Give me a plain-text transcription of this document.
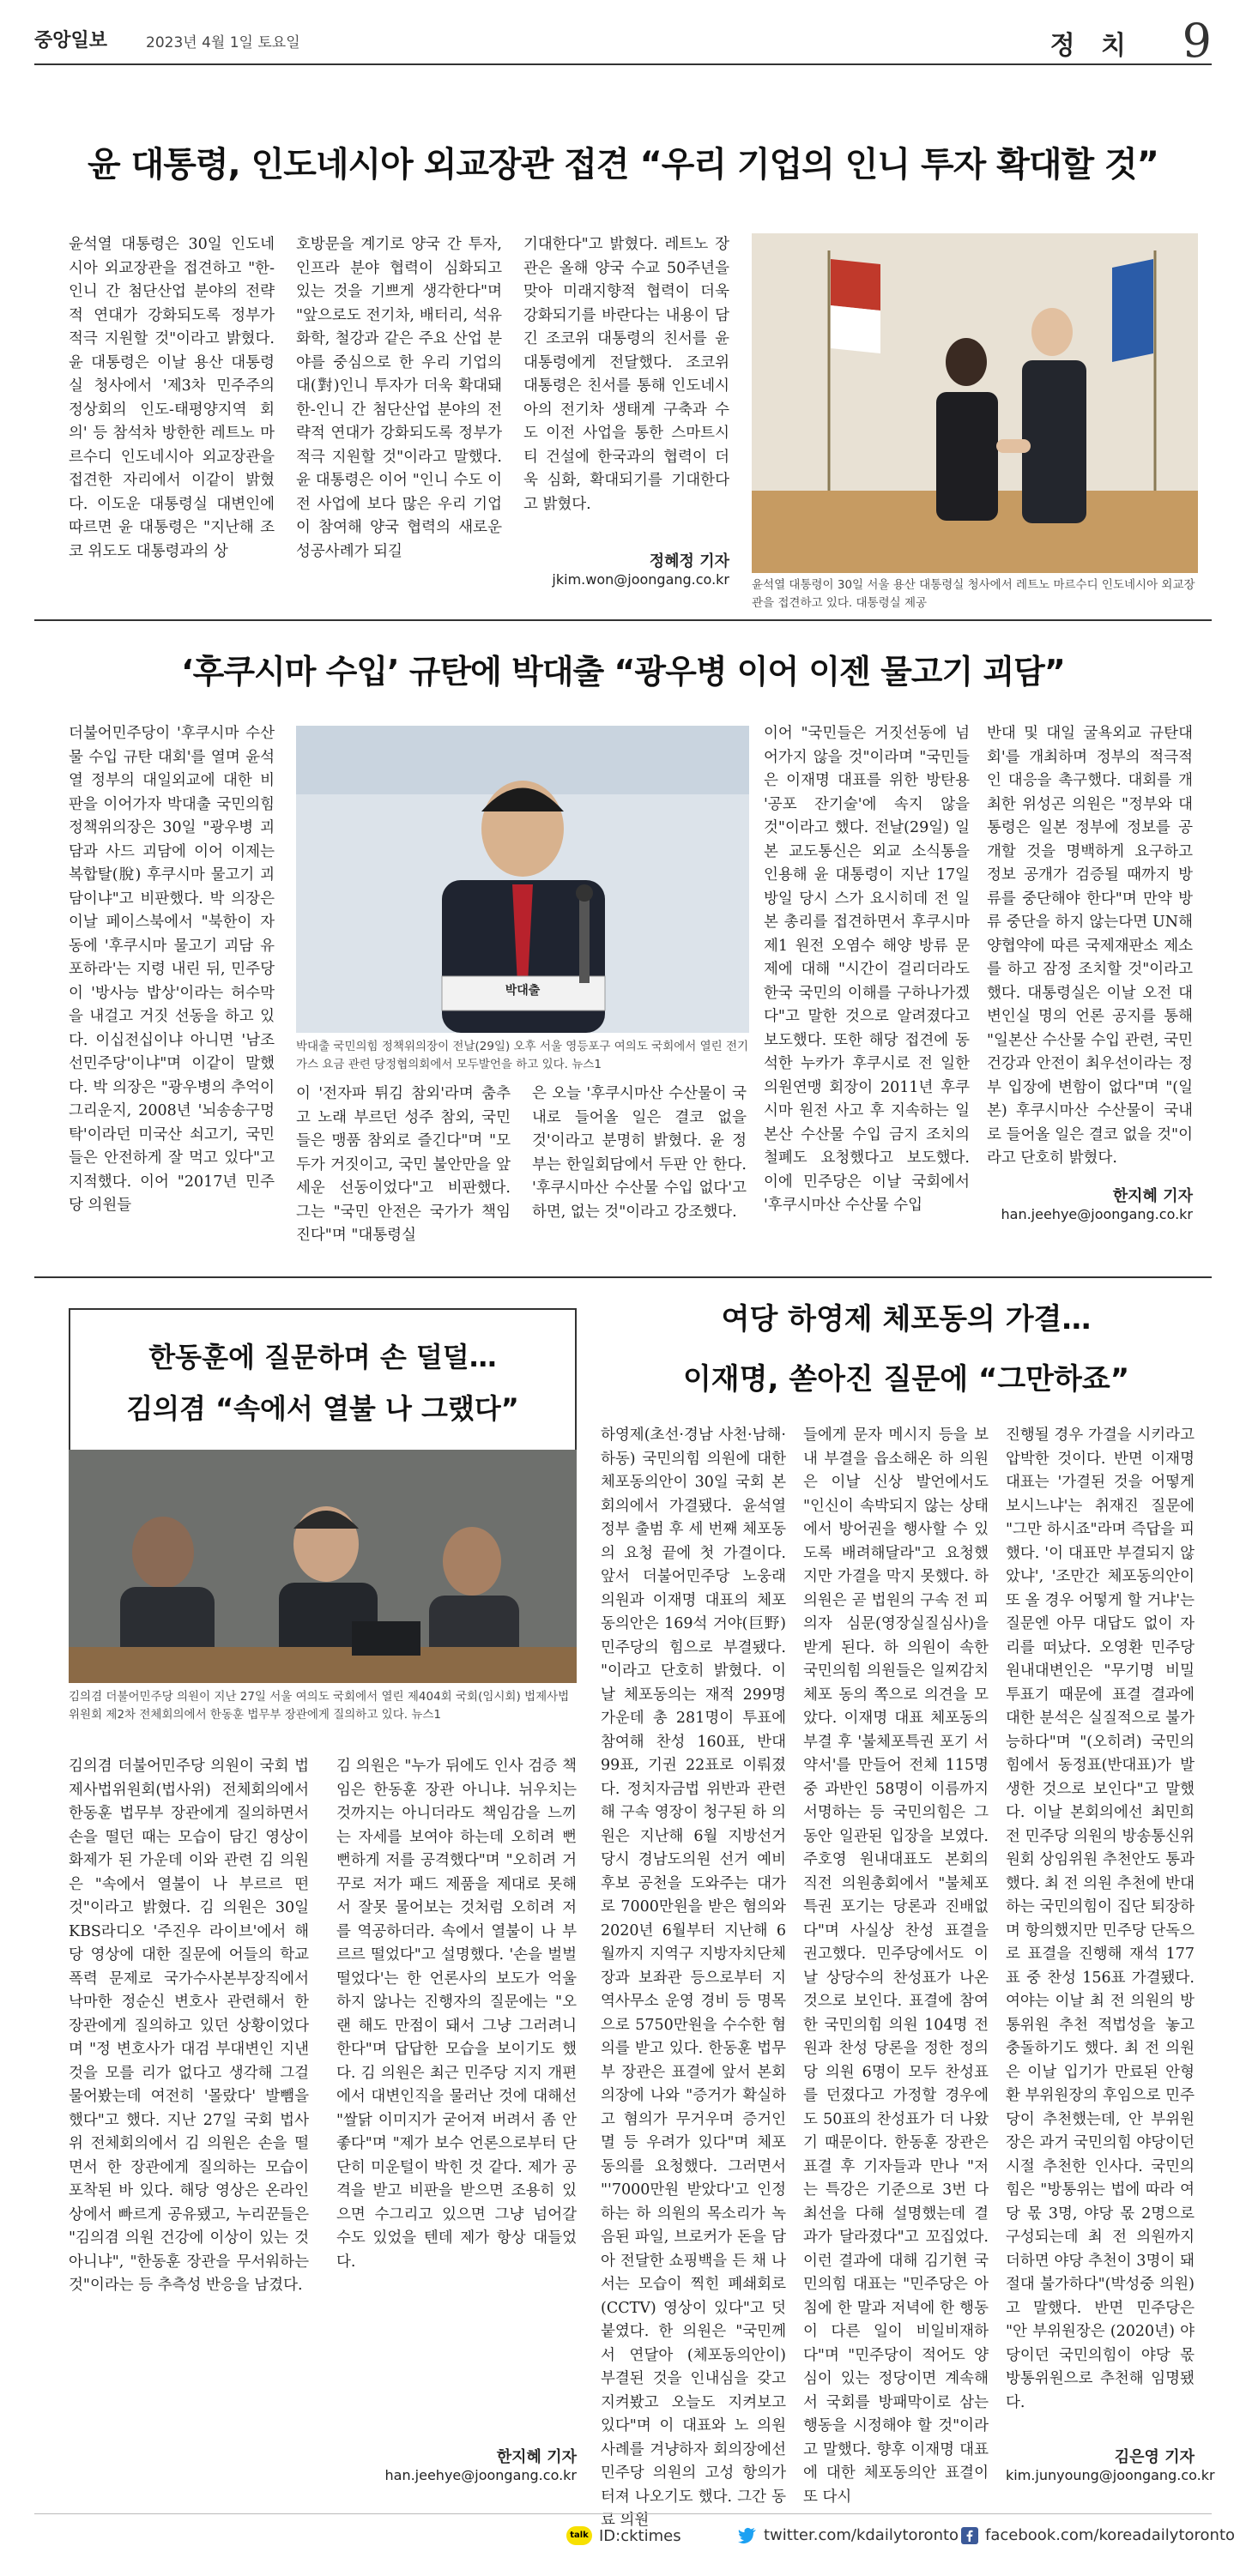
중앙일보	2023년 4월 1일 토요일	정 치 9
윤 대통령, 인도네시아 외교장관 접견 “우리 기업의 인니 투자 확대할 것”
윤석열 대통령은 30일 인도네시아 외교장관을 접견하고 "한-인니 간 첨단산업 분야의 전략적 연대가 강화되도록 정부가 적극 지원할 것"이라고 밝혔다. 윤 대통령은 이날 용산 대통령실 청사에서 '제3차 민주주의 정상회의 인도-태평양지역 회의' 등 참석차 방한한 레트노 마르수디 인도네시아 외교장관을 접견한 자리에서 이같이 밝혔다. 이도운 대통령실 대변인에 따르면 윤 대통령은 "지난해 조코 위도도 대통령과의 상
호방문을 계기로 양국 간 투자, 인프라 분야 협력이 심화되고 있는 것을 기쁘게 생각한다"며 "앞으로도 전기차, 배터리, 석유화학, 철강과 같은 주요 산업 분야를 중심으로 한 우리 기업의 대(對)인니 투자가 더욱 확대돼 한-인니 간 첨단산업 분야의 전략적 연대가 강화되도록 정부가 적극 지원할 것"이라고 말했다. 윤 대통령은 이어 "인니 수도 이전 사업에 보다 많은 우리 기업이 참여해 양국 협력의 새로운 성공사례가 되길
기대한다"고 밝혔다. 레트노 장관은 올해 양국 수교 50주년을 맞아 미래지향적 협력이 더욱 강화되기를 바란다는 내용이 담긴 조코위 대통령의 친서를 윤 대통령에게 전달했다. 조코위 대통령은 친서를 통해 인도네시아의 전기차 생태계 구축과 수도 이전 사업을 통한 스마트시티 건설에 한국과의 협력이 더욱 심화, 확대되기를 기대한다고 밝혔다.
정혜정 기자
jkim.won@joongang.co.kr 윤석열 대통령이 30일 서울 용산 대통령실 청사에서 레트노 마르수디 인도네시아 외교장관을 접견하고 있다. 대통령실 제공
‘후쿠시마 수입’ 규탄에 박대출 “광우병 이어 이젠 물고기 괴담”
더불어민주당이 '후쿠시마 수산물 수입 규탄 대회'를 열며 윤석열 정부의 대일외교에 대한 비판을 이어가자 박대출 국민의힘 정책위의장은 30일 "광우병 괴담과 사드 괴담에 이어 이제는 복합탈(脫) 후쿠시마 물고기 괴담이냐"고 비판했다. 박 의장은 이날 페이스북에서 "북한이 자동에 '후쿠시마 물고기 괴담 유포하라'는 지령 내린 뒤, 민주당이 '방사능 밥상'이라는 허수막을 내걸고 거짓 선동을 하고 있다. 이십전십이냐 아니면 '남조선민주당'이냐"며 이같이 말했다. 박 의장은 "광우병의 추억이 그리운지, 2008년 '뇌송송구멍탁'이라던 미국산 쇠고기, 국민들은 안전하게 잘 먹고 있다"고 지적했다. 이어 "2017년 민주당 의원들
박대출
박대출 국민의힘 정책위의장이 전날(29일) 오후 서울 영등포구 여의도 국회에서 열린 전기가스 요금 관련 당정협의회에서 모두발언을 하고 있다. 뉴스1
이 '전자파 튀김 참외'라며 춤추고 노래 부르던 성주 참외, 국민들은 맹품 참외로 즐긴다"며 "모두가 거짓이고, 국민 불안만을 앞세운 선동이었다"고 비판했다. 그는 "국민 안전은 국가가 책임진다"며 "대통령실
은 오늘 '후쿠시마산 수산물이 국내로 들어올 일은 결코 없을 것'이라고 분명히 밝혔다. 윤 정부는 한일회담에서 두판 안 한다. '후쿠시마산 수산물 수입 없다'고 하면, 없는 것"이라고 강조했다.
이어 "국민들은 거짓선동에 넘어가지 않을 것"이라며 "국민들은 이재명 대표를 위한 방탄용 '공포 잔기술'에 속지 않을 것"이라고 했다. 전날(29일) 일본 교도통신은 외교 소식통을 인용해 윤 대통령이 지난 17일 방일 당시 스가 요시히데 전 일본 총리를 접견하면서 후쿠시마 제1 원전 오염수 해양 방류 문제에 대해 "시간이 걸리더라도 한국 국민의 이해를 구하나가겠다"고 말한 것으로 알려졌다고 보도했다. 또한 해당 접견에 동석한 누카가 후쿠시로 전 일한의원연맹 회장이 2011년 후쿠시마 원전 사고 후 지속하는 일본산 수산물 수입 금지 조치의 철폐도 요청했다고 보도했다. 이에 민주당은 이날 국회에서 '후쿠시마산 수산물 수입
반대 및 대일 굴욕외교 규탄대회'를 개최하며 정부의 적극적인 대응을 촉구했다. 대회를 개최한 위성곤 의원은 "정부와 대통령은 일본 정부에 정보를 공개할 것을 명백하게 요구하고 정보 공개가 검증될 때까지 방류를 중단해야 한다"며 만약 방류 중단을 하지 않는다면 UN해양협약에 따른 국제재판소 제소를 하고 잠정 조치할 것"이라고 했다. 대통령실은 이날 오전 대변인실 명의 언론 공지를 통해 "일본산 수산물 수입 관련, 국민 건강과 안전이 최우선이라는 정부 입장에 변함이 없다"며 "(일본) 후쿠시마산 수산물이 국내로 들어올 일은 결코 없을 것"이라고 단호히 밝혔다.
한지혜 기자
han.jeehye@joongang.co.kr
한동훈에 질문하며 손 덜덜…
김의겸 “속에서 열불 나 그랬다”
김의겸 더불어민주당 의원이 지난 27일 서울 여의도 국회에서 열린 제404회 국회(임시회) 법제사법위원회 제2차 전체회의에서 한동훈 법무부 장관에게 질의하고 있다. 뉴스1
김의겸 더불어민주당 의원이 국회 법제사법위원회(법사위) 전체회의에서 한동훈 법무부 장관에게 질의하면서 손을 떨던 때는 모습이 담긴 영상이 화제가 된 가운데 이와 관련 김 의원은 "속에서 열불이 나 부르르 떤 것"이라고 밝혔다. 김 의원은 30일 KBS라디오 '주진우 라이브'에서 해당 영상에 대한 질문에 어들의 학교폭력 문제로 국가수사본부장직에서 낙마한 정순신 변호사 관련해서 한 장관에게 질의하고 있던 상황이었다며 "정 변호사가 대검 부대변인 지낸 것을 모를 리가 없다고 생각해 그걸 물어봤는데 여전히 '몰랐다' 발뺌을 했다"고 했다. 지난 27일 국회 법사위 전체회의에서 김 의원은 손을 떨면서 한 장관에게 질의하는 모습이 포착된 바 있다. 해당 영상은 온라인상에서 빠르게 공유됐고, 누리꾼들은 "김의겸 의원 건강에 이상이 있는 것 아니냐", "한동훈 장관을 무서워하는 것"이라는 등 추측성 반응을 남겼다.
김 의원은 "누가 뒤에도 인사 검증 책임은 한동훈 장관 아니냐. 뉘우치는 것까지는 아니더라도 책임감을 느끼는 자세를 보여야 하는데 오히려 뻔뻔하게 저를 공격했다"며 "오히려 거꾸로 저가 패드 제품을 제대로 못해서 잘못 물어보는 것처럼 오히려 저를 역공하더라. 속에서 열불이 나 부르르 떨었다"고 설명했다. '손을 벌벌 떨었다'는 한 언론사의 보도가 억울하지 않나는 진행자의 질문에는 "오랜 해도 만점이 돼서 그냥 그러려니 한다"며 답답한 모습을 보이기도 했다. 김 의원은 최근 민주당 지지 개편에서 대변인직을 물러난 것에 대해선 "쌀닭 이미지가 굳어져 버려서 좀 안 좋다"며 "제가 보수 언론으로부터 단단히 미운털이 박힌 것 같다. 제가 공격을 받고 비판을 받으면 조용히 있으면 수그리고 있으면 그냥 넘어갈 수도 있었을 텐데 제가 항상 대들었다.
한지혜 기자
han.jeehye@joongang.co.kr
여당 하영제 체포동의 가결…
이재명, 쏟아진 질문에 “그만하죠”
하영제(초선·경남 사천·남해·하동) 국민의힘 의원에 대한 체포동의안이 30일 국회 본회의에서 가결됐다. 윤석열 정부 출범 후 세 번째 체포동의 요청 끝에 첫 가결이다. 앞서 더불어민주당 노웅래 의원과 이재명 대표의 체포동의안은 169석 거야(巨野) 민주당의 힘으로 부결됐다. "이라고 단호히 밝혔다. 이날 체포동의는 재적 299명 가운데 총 281명이 투표에 참여해 찬성 160표, 반대 99표, 기권 22표로 이뤄졌다. 정치자금법 위반과 관련해 구속 영장이 청구된 하 의원은 지난해 6월 지방선거 당시 경남도의원 선거 예비후보 공천을 도와주는 대가로 7000만원을 받은 혐의와 2020년 6월부터 지난해 6월까지 지역구 지방자치단체장과 보좌관 등으로부터 지역사무소 운영 경비 등 명목으로 5750만원을 수수한 혐의를 받고 있다. 한동훈 법무부 장관은 표결에 앞서 본회의장에 나와 "증거가 확실하고 혐의가 무거우며 증거인멸 등 우려가 있다"며 체포동의를 요청했다. 그러면서 "'7000만원 받았다'고 인정하는 하 의원의 목소리가 녹음된 파일, 브로커가 돈을 담아 전달한 쇼핑백을 든 채 나서는 모습이 찍힌 폐쇄회로(CCTV) 영상이 있다"고 덧붙였다. 한 의원은 "국민께서 연달아 (체포동의안이) 부결된 것을 인내심을 갖고 지켜봤고 오늘도 지켜보고 있다"며 이 대표와 노 의원 사례를 겨냥하자 회의장에선 민주당 의원의 고성 항의가 터져 나오기도 했다. 그간 동료 의원
들에게 문자 메시지 등을 보내 부결을 읍소해온 하 의원은 이날 신상 발언에서도 "인신이 속박되지 않는 상태에서 방어권을 행사할 수 있도록 배려해달라"고 요청했지만 가결을 막지 못했다. 하 의원은 곧 법원의 구속 전 피의자 심문(영장실질심사)을 받게 된다. 하 의원이 속한 국민의힘 의원들은 일찌감치 체포 동의 쪽으로 의견을 모았다. 이재명 대표 체포동의 부결 후 '불체포특권 포기 서약서'를 만들어 전체 115명 중 과반인 58명이 이름까지 서명하는 등 국민의힘은 그동안 일관된 입장을 보였다. 주호영 원내대표도 본회의 직전 의원총회에서 "불체포 특권 포기는 당론과 진배없다"며 사실상 찬성 표결을 권고했다. 민주당에서도 이날 상당수의 찬성표가 나온 것으로 보인다. 표결에 참여한 국민의힘 의원 104명 전원과 찬성 당론을 정한 정의당 의원 6명이 모두 찬성표를 던졌다고 가정할 경우에도 50표의 찬성표가 더 나왔기 때문이다. 한동훈 장관은 표결 후 기자들과 만나 "저는 특강은 기준으로 3번 다 최선을 다해 설명했는데 결과가 달라졌다"고 꼬집었다. 이런 결과에 대해 김기현 국민의힘 대표는 "민주당은 아침에 한 말과 저녁에 한 행동이 다른 일이 비일비재하다"며 "민주당이 적어도 양심이 있는 정당이면 계속해서 국회를 방패막이로 삼는 행동을 시정해야 할 것"이라고 말했다. 향후 이재명 대표에 대한 체포동의안 표결이 또 다시
진행될 경우 가결을 시키라고 압박한 것이다. 반면 이재명 대표는 '가결된 것을 어떻게 보시느냐'는 취재진 질문에 "그만 하시죠"라며 즉답을 피했다. '이 대표만 부결되지 않았냐', '조만간 체포동의안이 또 올 경우 어떻게 할 거냐'는 질문엔 아무 대답도 없이 자리를 떠났다. 오영환 민주당 원내대변인은 "무기명 비밀 투표기 때문에 표결 결과에 대한 분석은 실질적으로 불가능하다"며 "(오히려) 국민의힘에서 동정표(반대표)가 발생한 것으로 보인다"고 말했다. 이날 본회의에선 최민희 전 민주당 의원의 방송통신위원회 상임위원 추천안도 통과했다. 최 전 의원 추천에 반대하는 국민의힘이 집단 퇴장하며 항의했지만 민주당 단독으로 표결을 진행해 재석 177표 중 찬성 156표 가결됐다. 여야는 이날 최 전 의원의 방통위원 추천 적법성을 놓고 충돌하기도 했다. 최 전 의원은 이날 입기가 만료된 안형환 부위원장의 후임으로 민주당이 추천했는데, 안 부위원장은 과거 국민의힘 야당이던 시절 추천한 인사다. 국민의힘은 "방통위는 법에 따라 여당 몫 3명, 야당 몫 2명으로 구성되는데 최 전 의원까지 더하면 야당 추천이 3명이 돼 절대 불가하다"(박성중 의원)고 말했다. 반면 민주당은 "안 부위원장은 (2020년) 야당이던 국민의힘이 야당 몫 방통위원으로 추천해 임명됐다.
김은영 기자
kim.junyoung@joongang.co.kr
talk ID:cktimes	twitter.com/kdailytoronto facebook.com/koreadailytoronto
